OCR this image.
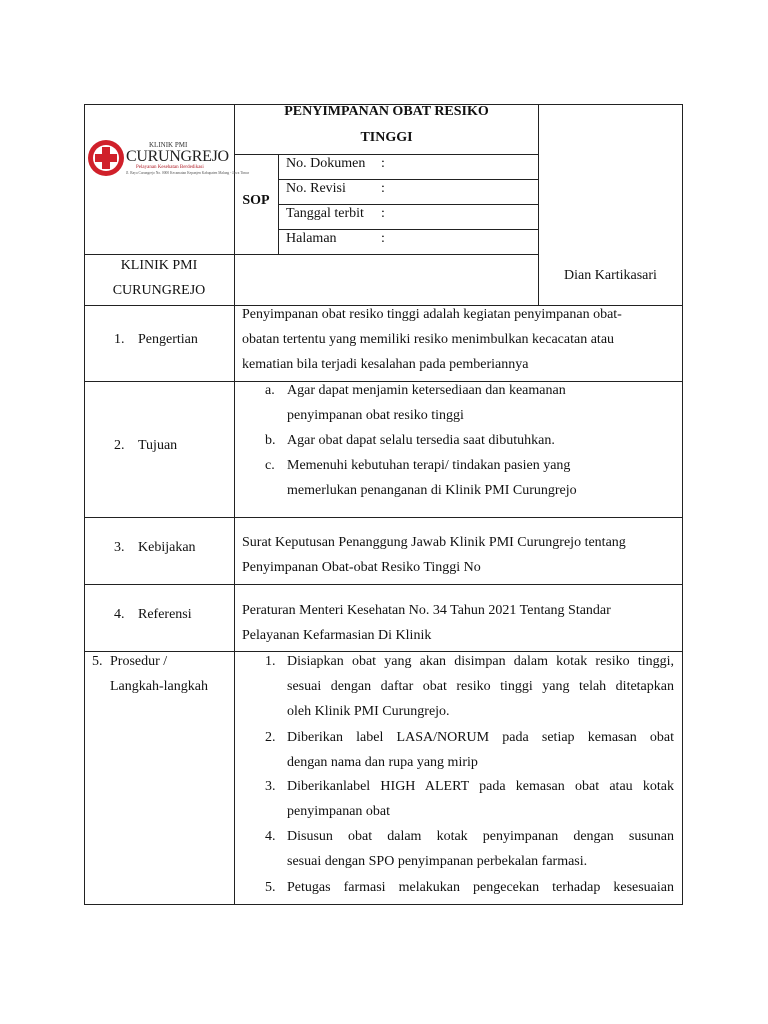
KLINIK PMI
CURUNGREJO
Pelayanan Kesehatan Berdedikasi
Jl. Raya Curungrejo No. 0000 Kecamatan Kepanjen Kabupaten Malang - Jawa Timur
PENYIMPANAN OBAT RESIKO
TINGGI
SOP
No. Dokumen :
No. Revisi	:
Tanggal terbit :
Halaman	:
KLINIK PMI
CURUNGREJO
Dian Kartikasari
1. Pengertian
Penyimpanan obat resiko tinggi adalah kegiatan penyimpanan obat-
obatan tertentu yang memiliki resiko menimbulkan kecacatan atau
kematian bila terjadi kesalahan pada pemberiannya
2. Tujuan
a. Agar dapat menjamin ketersediaan dan keamanan
penyimpanan obat resiko tinggi
b. Agar obat dapat selalu tersedia saat dibutuhkan.
c. Memenuhi kebutuhan terapi/ tindakan pasien yang
memerlukan penanganan di Klinik PMI Curungrejo
3. Kebijakan	Surat Keputusan Penanggung Jawab Klinik PMI Curungrejo tentang
Penyimpanan Obat-obat Resiko Tinggi No
4. Referensi	Peraturan Menteri Kesehatan No. 34 Tahun 2021 Tentang Standar
Pelayanan Kefarmasian Di Klinik
5. Prosedur /
Langkah-langkah
1. Disiapkan obat yang akan disimpan dalam kotak resiko tinggi,
sesuai dengan daftar obat resiko tinggi yang telah ditetapkan
oleh Klinik PMI Curungrejo.
2. Diberikan label LASA/NORUM pada setiap kemasan obat
dengan nama dan rupa yang mirip
3. Diberikanlabel HIGH ALERT pada kemasan obat atau kotak
penyimpanan obat
4. Disusun obat dalam kotak penyimpanan dengan susunan
sesuai dengan SPO penyimpanan perbekalan farmasi.
5. Petugas farmasi melakukan pengecekan terhadap kesesuaian
